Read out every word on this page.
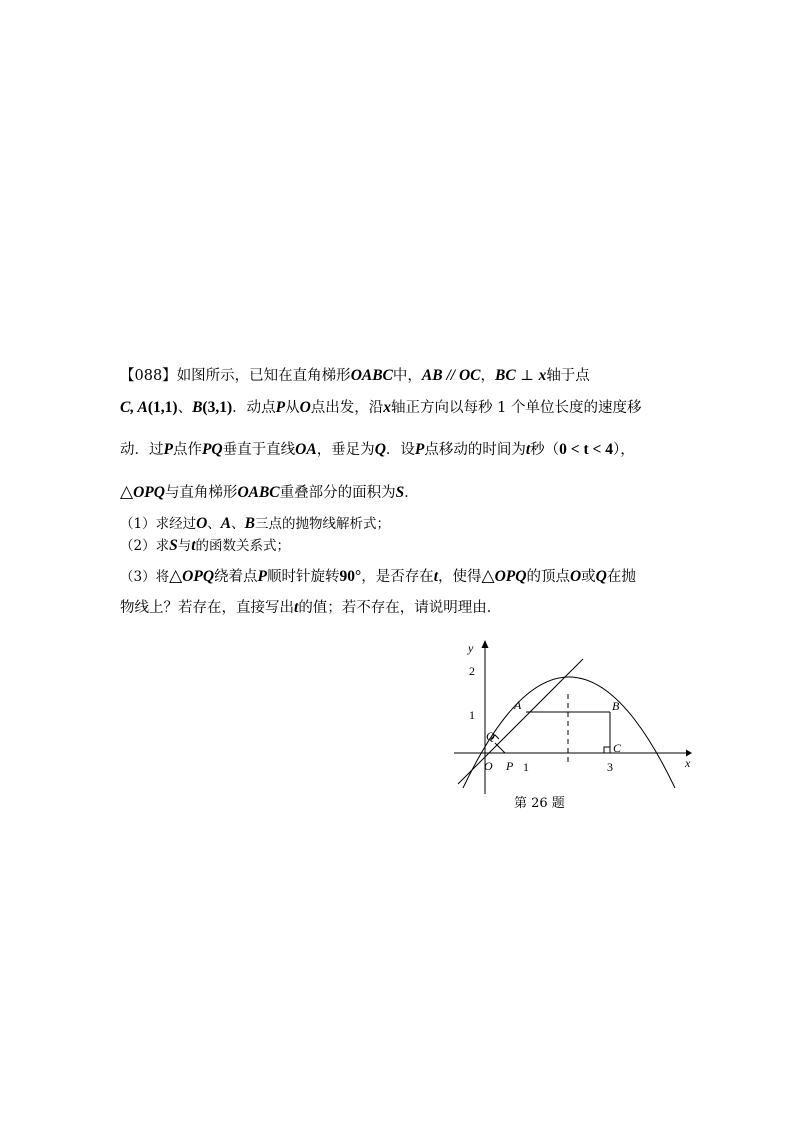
【088】如图所示，已知在直角梯形OABC中，AB // OC，BC ⊥ x轴于点
C, A(1,1)、B(3,1)．动点P从O点出发，沿x轴正方向以每秒 1 个单位长度的速度移
动．过P点作PQ垂直于直线OA，垂足为Q．设P点移动的时间为t秒（0 < t < 4），
△OPQ与直角梯形OABC重叠部分的面积为S．
（1）求经过O、A、B三点的抛物线解析式；
（2）求S与t的函数关系式；
（3）将△OPQ绕着点P顺时针旋转90°，是否存在t，使得△OPQ的顶点O或Q在抛
物线上？若存在，直接写出t的值；若不存在，请说明理由．
y
x
2
1
1	3
O P
Q
A	B
C
第 26 题
